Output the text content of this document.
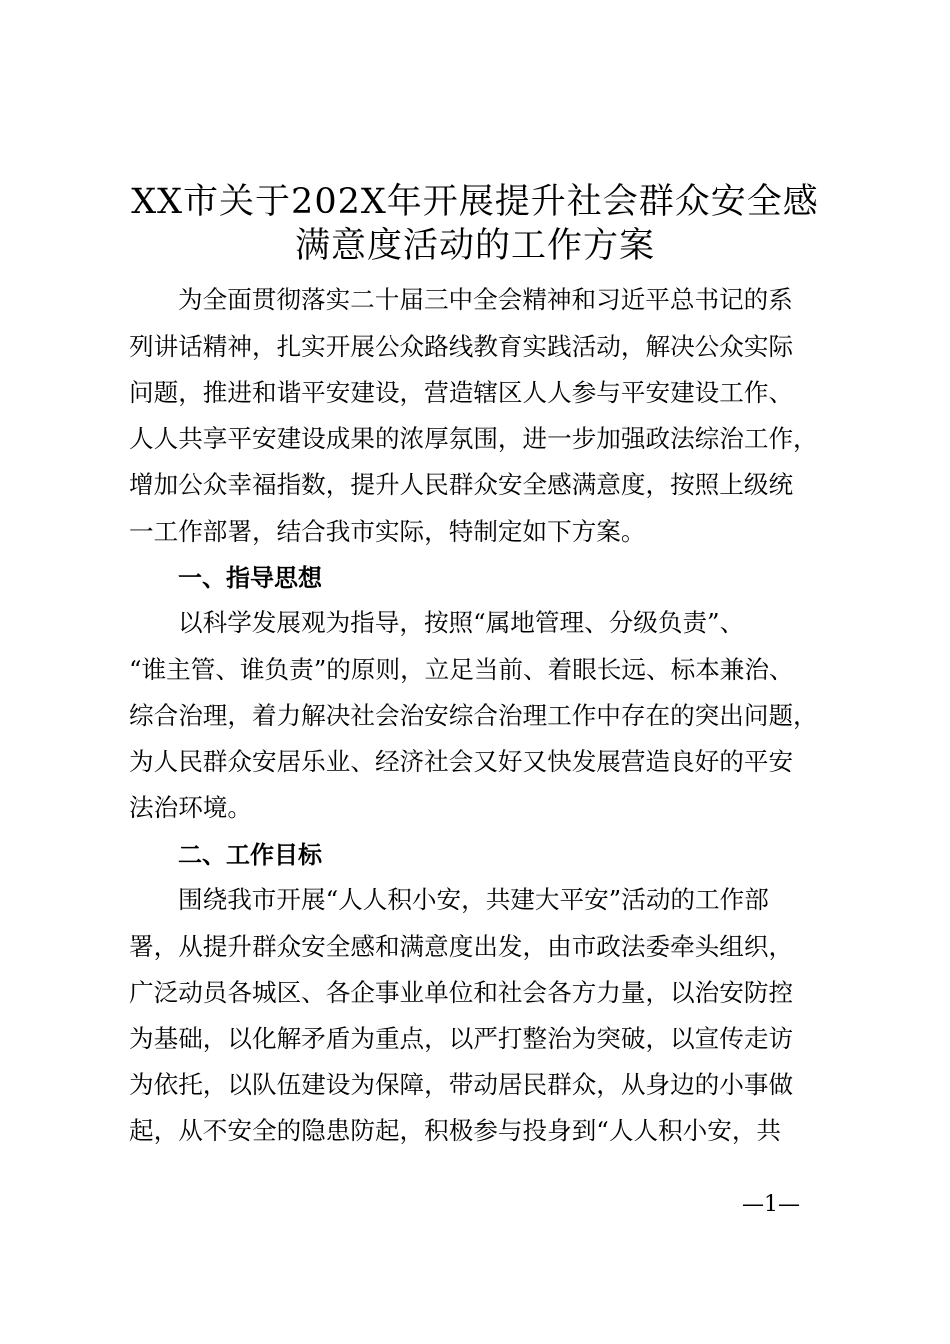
XX市关于202X年开展提升社会群众安全感
满意度活动的工作方案
为全面贯彻落实二十届三中全会精神和习近平总书记的系
列讲话精神，扎实开展公众路线教育实践活动，解决公众实际
问题，推进和谐平安建设，营造辖区人人参与平安建设工作、
人人共享平安建设成果的浓厚氛围，进一步加强政法综治工作，
增加公众幸福指数，提升人民群众安全感满意度，按照上级统
一工作部署，结合我市实际，特制定如下方案。
一、指导思想
以科学发展观为指导，按照“属地管理、分级负责”、
“谁主管、谁负责”的原则，立足当前、着眼长远、标本兼治、
综合治理，着力解决社会治安综合治理工作中存在的突出问题，
为人民群众安居乐业、经济社会又好又快发展营造良好的平安
法治环境。
二、工作目标
围绕我市开展“人人积小安，共建大平安”活动的工作部
署，从提升群众安全感和满意度出发，由市政法委牵头组织，
广泛动员各城区、各企事业单位和社会各方力量，以治安防控
为基础，以化解矛盾为重点，以严打整治为突破，以宣传走访
为依托，以队伍建设为保障，带动居民群众，从身边的小事做
起，从不安全的隐患防起，积极参与投身到“人人积小安，共
—1—
